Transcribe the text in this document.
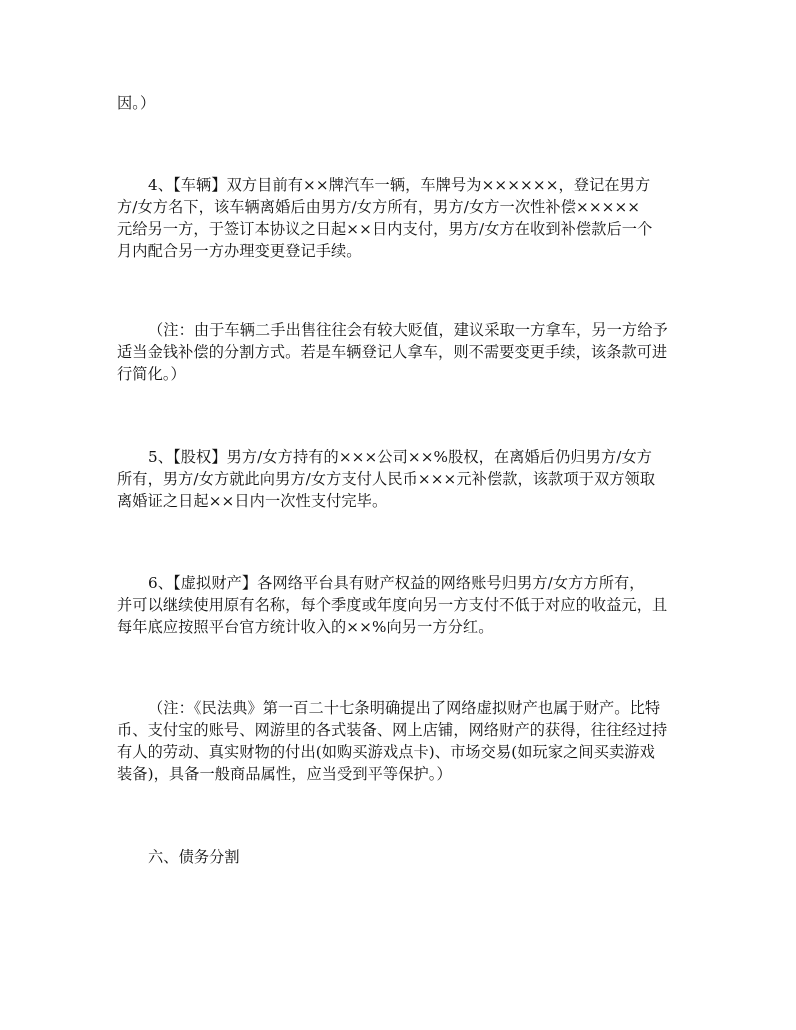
因。）
4、【车辆】双方目前有××牌汽车一辆，车牌号为××××××，登记在男方
方/女方名下，该车辆离婚后由男方/女方所有，男方/女方一次性补偿×××××
元给另一方，于签订本协议之日起××日内支付，男方/女方在收到补偿款后一个
月内配合另一方办理变更登记手续。
（注：由于车辆二手出售往往会有较大贬值，建议采取一方拿车，另一方给予
适当金钱补偿的分割方式。若是车辆登记人拿车，则不需要变更手续，该条款可进
行简化。）
5、【股权】男方/女方持有的×××公司××%股权，在离婚后仍归男方/女方
所有，男方/女方就此向男方/女方支付人民币×××元补偿款，该款项于双方领取
离婚证之日起××日内一次性支付完毕。
6、【虚拟财产】各网络平台具有财产权益的网络账号归男方/女方方所有，
并可以继续使用原有名称，每个季度或年度向另一方支付不低于对应的收益元，且
每年底应按照平台官方统计收入的××%向另一方分红。
（注：《民法典》第一百二十七条明确提出了网络虚拟财产也属于财产。比特
币、支付宝的账号、网游里的各式装备、网上店铺，网络财产的获得，往往经过持
有人的劳动、真实财物的付出(如购买游戏点卡)、市场交易(如玩家之间买卖游戏
装备)，具备一般商品属性，应当受到平等保护。）
六、债务分割
